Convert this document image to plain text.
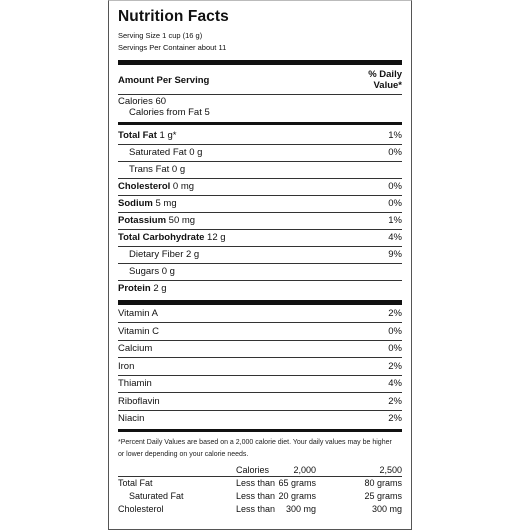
Nutrition Facts
Serving Size 1 cup (16 g)
Servings Per Container about 11
Amount Per Serving
% Daily Value*
Calories 60
Calories from Fat 5
Total Fat 1 g*	1%
Saturated Fat 0 g	0%
Trans Fat 0 g
Cholesterol 0 mg	0%
Sodium 5 mg	0%
Potassium 50 mg	1%
Total Carbohydrate 12 g	4%
Dietary Fiber 2 g	9%
Sugars 0 g
Protein 2 g
Vitamin A	2%
Vitamin C	0%
Calcium	0%
Iron	2%
Thiamin	4%
Riboflavin	2%
Niacin	2%
*Percent Daily Values are based on a 2,000 calorie diet. Your daily values may be higher
or lower depending on your calorie needs.
Calories	2,000	2,500
Total Fat	Less than 65 grams	80 grams
Saturated Fat	Less than 20 grams	25 grams
Cholesterol	Less than 300 mg	300 mg
